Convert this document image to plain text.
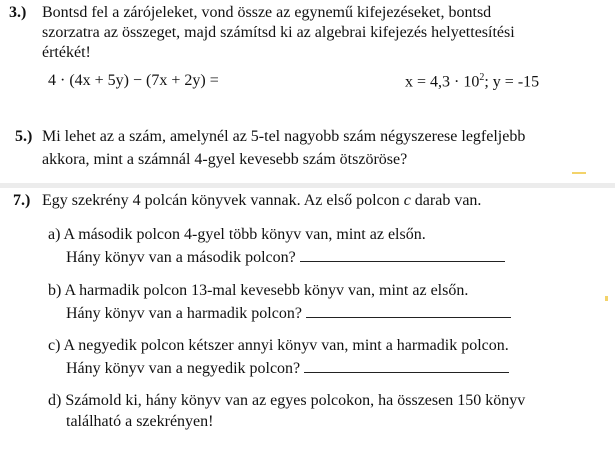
3.) Bontsd fel a zárójeleket, vond össze az egynemű kifejezéseket, bontsd
szorzatra az összeget, majd számítsd ki az algebrai kifejezés helyettesítési
értékét!
4 · (4x + 5y) − (7x + 2y) =	$x = 4,3 \cdot 10^2$; y = -15
5.) Mi lehet az a szám, amelynél az 5-tel nagyobb szám négyszerese legfeljebb
akkora, mint a számnál 4-gyel kevesebb szám ötszöröse?
7.) Egy szekrény 4 polcán könyvek vannak. Az első polcon c darab van.
a) A második polcon 4-gyel több könyv van, mint az elsőn.
Hány könyv van a második polcon?
b) A harmadik polcon 13-mal kevesebb könyv van, mint az elsőn.
Hány könyv van a harmadik polcon?
c) A negyedik polcon kétszer annyi könyv van, mint a harmadik polcon.
Hány könyv van a negyedik polcon?
d) Számold ki, hány könyv van az egyes polcokon, ha összesen 150 könyv
található a szekrényen!
